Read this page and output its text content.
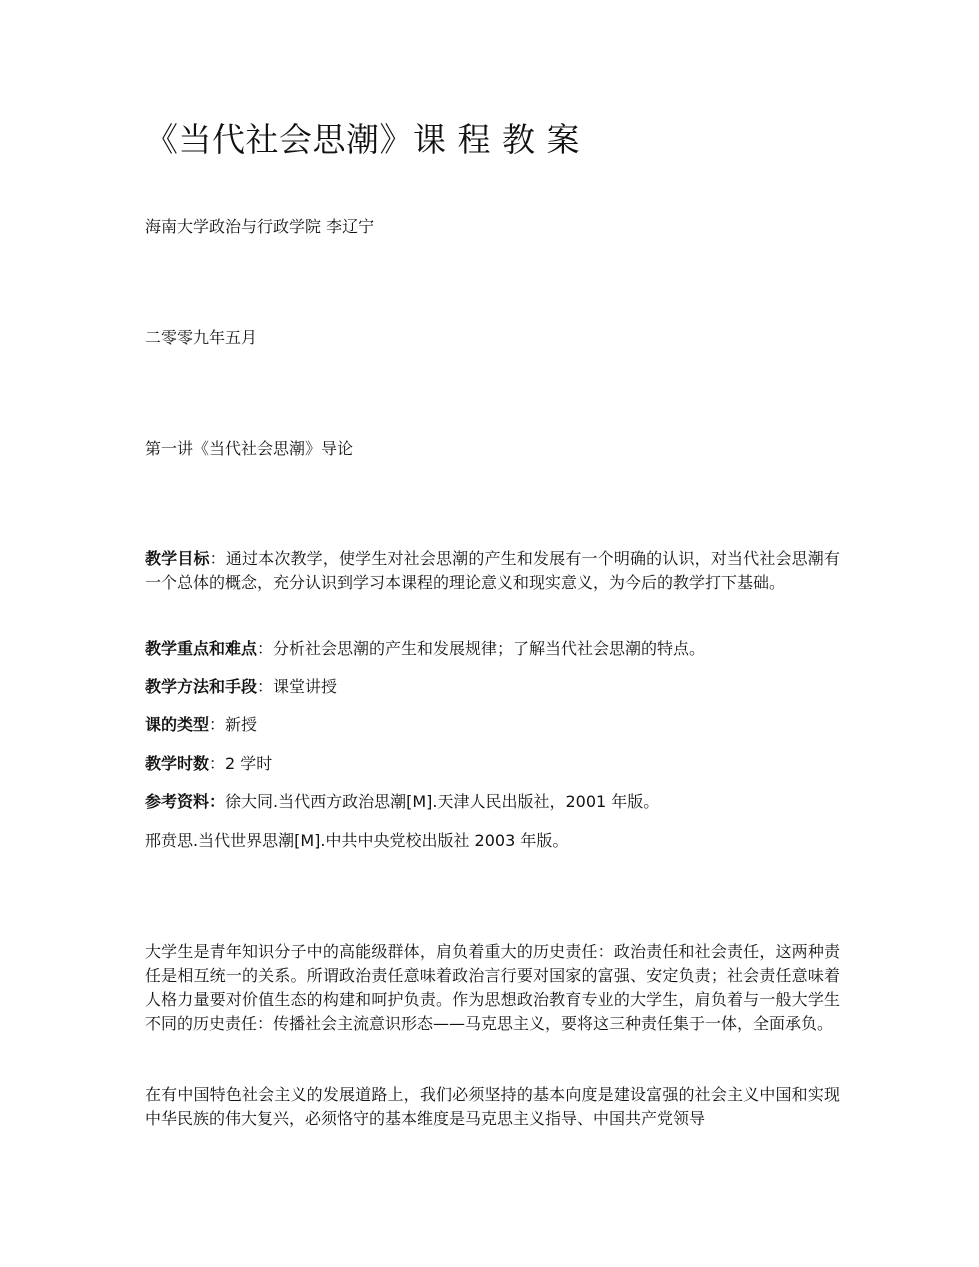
《当代社会思潮》课 程 教 案

海南大学政治与行政学院 李辽宁

二零零九年五月

第一讲《当代社会思潮》导论

教学目标：通过本次教学，使学生对社会思潮的产生和发展有一个明确的认识，对当代社会思潮有一个总体的概念，充分认识到学习本课程的理论意义和现实意义，为今后的教学打下基础。

教学重点和难点：分析社会思潮的产生和发展规律；了解当代社会思潮的特点。

教学方法和手段：课堂讲授

课的类型：新授

教学时数：2 学时

参考资料：徐大同.当代西方政治思潮[M].天津人民出版社，2001 年版。

邢贲思.当代世界思潮[M].中共中央党校出版社 2003 年版。

大学生是青年知识分子中的高能级群体，肩负着重大的历史责任：政治责任和社会责任，这两种责任是相互统一的关系。所谓政治责任意味着政治言行要对国家的富强、安定负责；社会责任意味着人格力量要对价值生态的构建和呵护负责。作为思想政治教育专业的大学生，肩负着与一般大学生不同的历史责任：传播社会主流意识形态——马克思主义，要将这三种责任集于一体，全面承负。

在有中国特色社会主义的发展道路上，我们必须坚持的基本向度是建设富强的社会主义中国和实现中华民族的伟大复兴，必须恪守的基本维度是马克思主义指导、中国共产党领导
